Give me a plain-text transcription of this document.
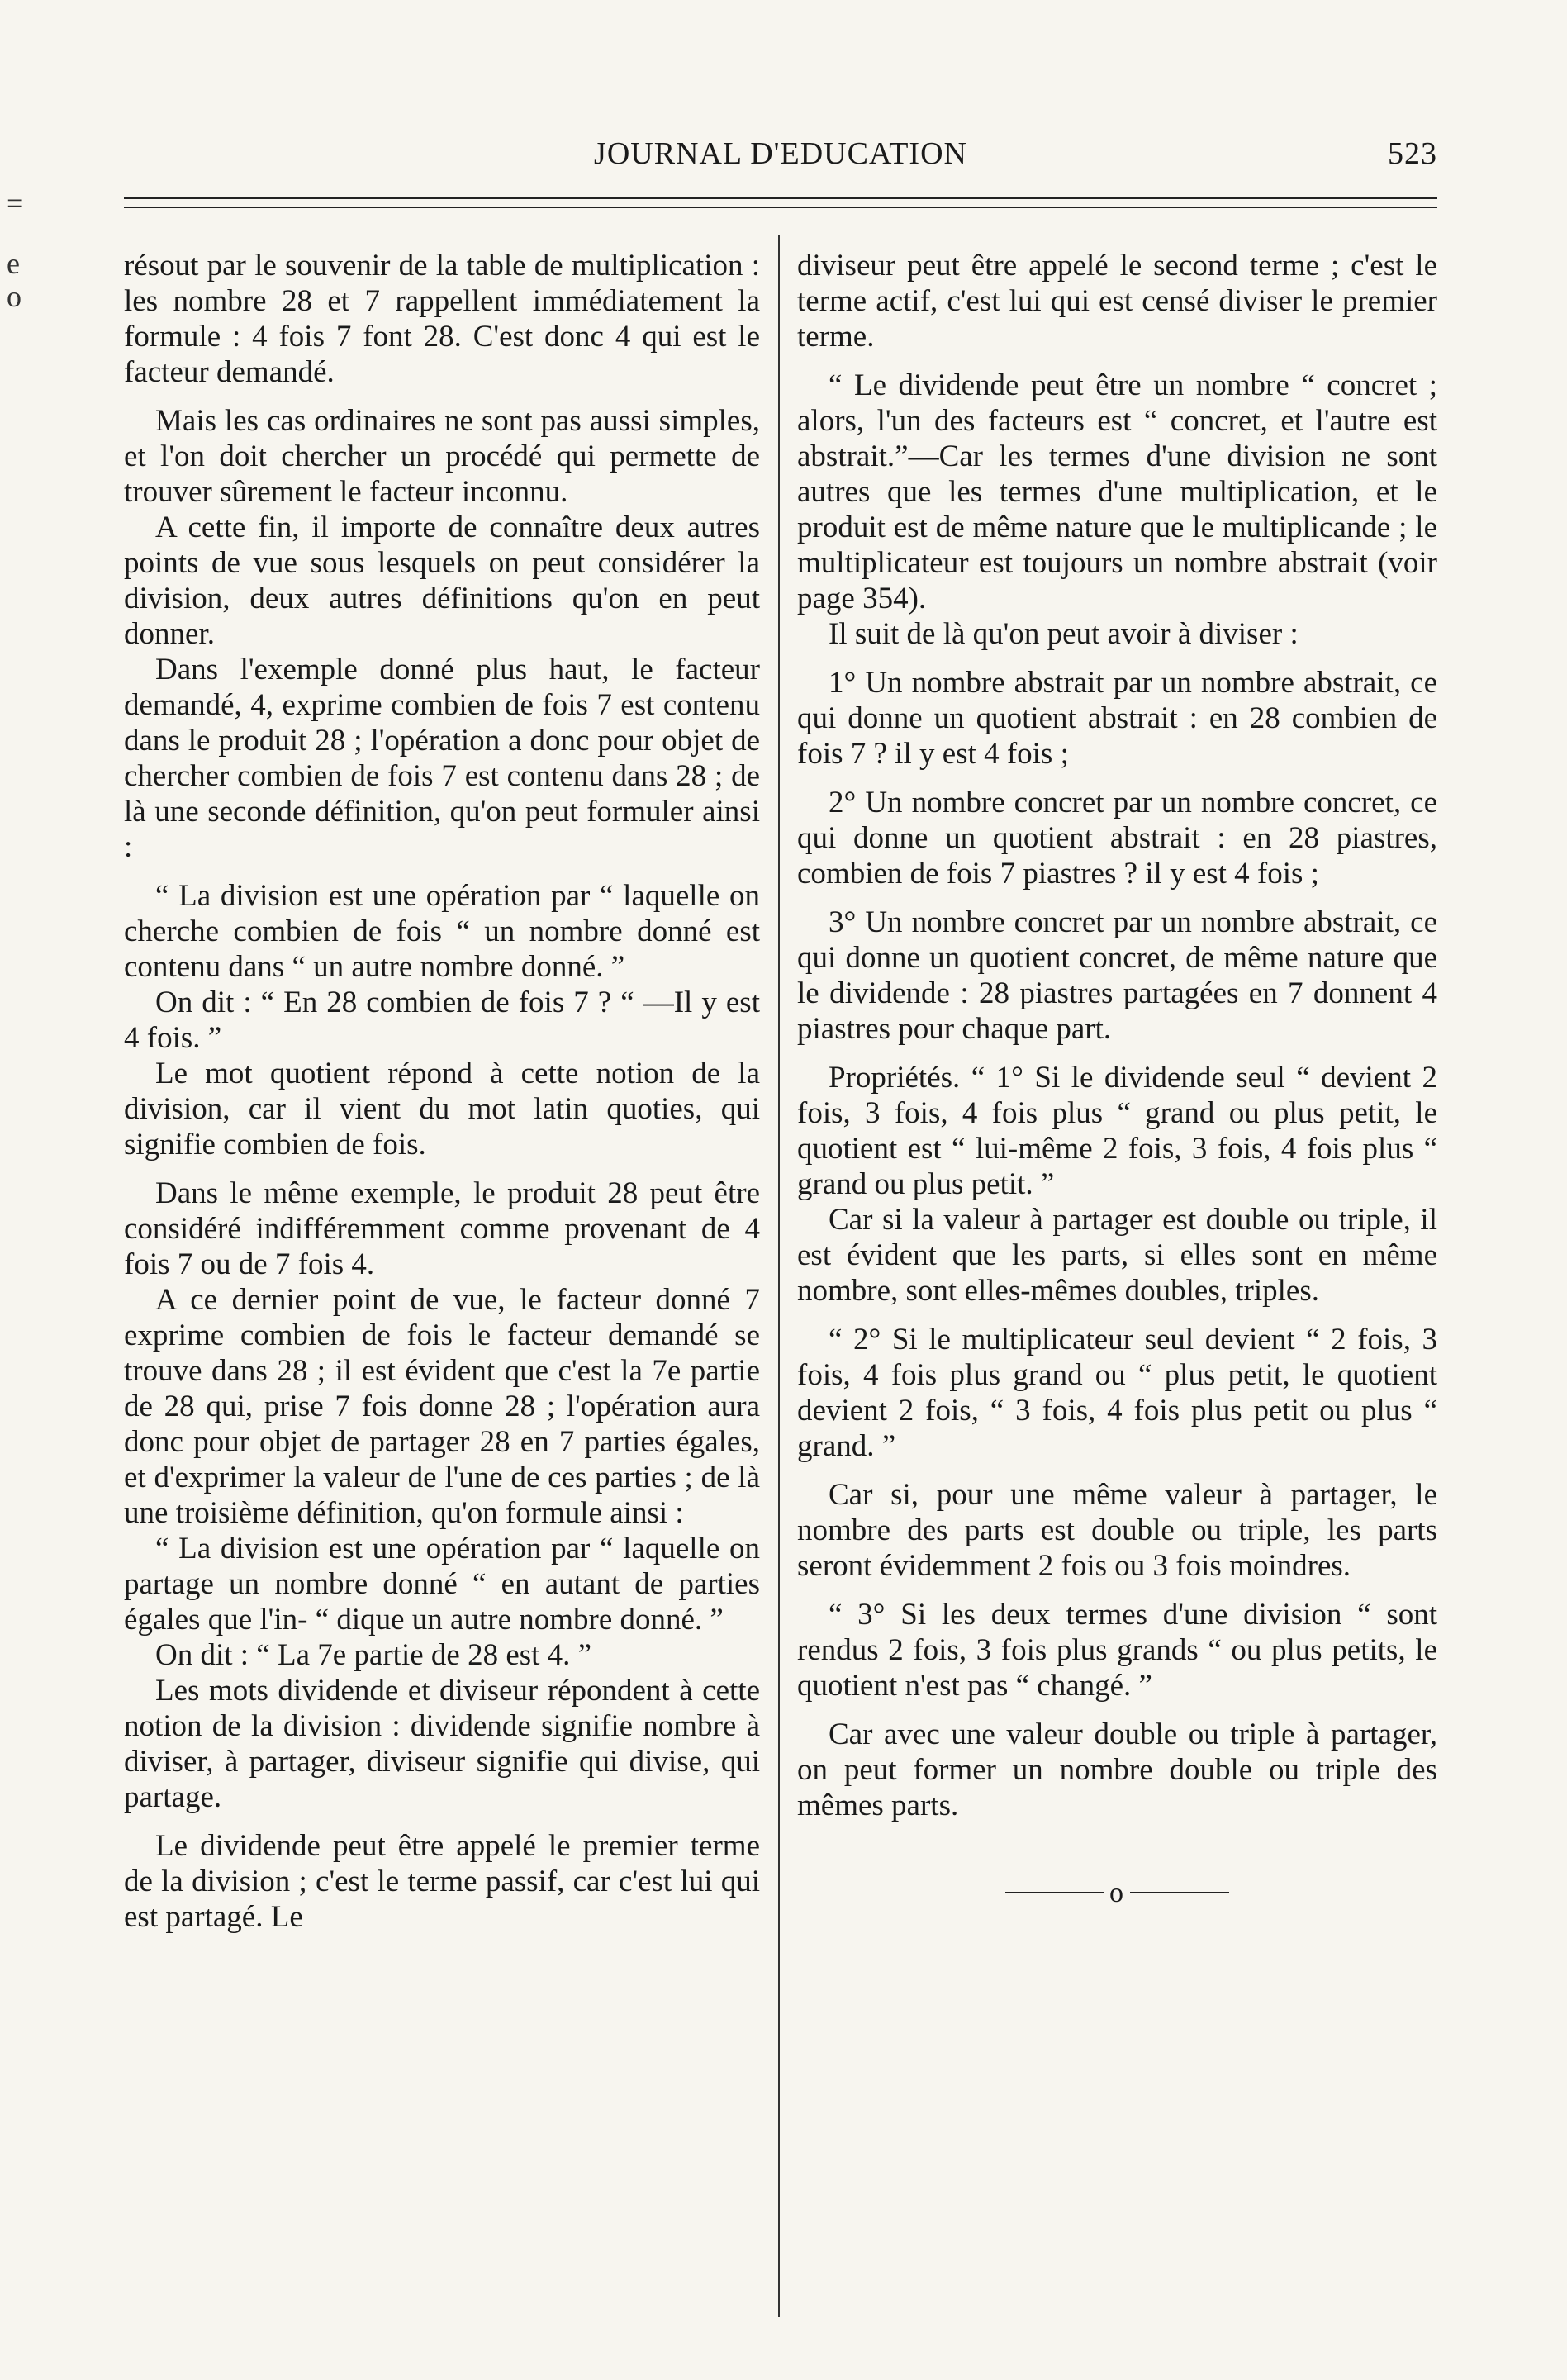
JOURNAL D'EDUCATION	523
=
e
o

résout par le souvenir de la table de multiplication : les nombre 28 et 7 rappellent immédiatement la formule : 4 fois 7 font 28. C'est donc 4 qui est le facteur demandé.

Mais les cas ordinaires ne sont pas aussi simples, et l'on doit chercher un procédé qui permette de trouver sûrement le facteur inconnu.

A cette fin, il importe de connaître deux autres points de vue sous lesquels on peut considérer la division, deux autres définitions qu'on en peut donner.

Dans l'exemple donné plus haut, le facteur demandé, 4, exprime combien de fois 7 est contenu dans le produit 28 ; l'opération a donc pour objet de chercher combien de fois 7 est contenu dans 28 ; de là une seconde définition, qu'on peut formuler ainsi :

“ La division est une opération par “ laquelle on cherche combien de fois “ un nombre donné est contenu dans “ un autre nombre donné. ”

On dit : “ En 28 combien de fois 7 ? “ —Il y est 4 fois. ”

Le mot quotient répond à cette notion de la division, car il vient du mot latin quoties, qui signifie combien de fois.

Dans le même exemple, le produit 28 peut être considéré indifféremment comme provenant de 4 fois 7 ou de 7 fois 4.

A ce dernier point de vue, le facteur donné 7 exprime combien de fois le facteur demandé se trouve dans 28 ; il est évident que c'est la 7e partie de 28 qui, prise 7 fois donne 28 ; l'opération aura donc pour objet de partager 28 en 7 parties égales, et d'exprimer la valeur de l'une de ces parties ; de là une troisième définition, qu'on formule ainsi :

“ La division est une opération par “ laquelle on partage un nombre donné “ en autant de parties égales que l'in- “ dique un autre nombre donné. ”

On dit : “ La 7e partie de 28 est 4. ”

Les mots dividende et diviseur répondent à cette notion de la division : dividende signifie nombre à diviser, à partager, diviseur signifie qui divise, qui partage.

Le dividende peut être appelé le premier terme de la division ; c'est le terme passif, car c'est lui qui est partagé. Le

diviseur peut être appelé le second terme ; c'est le terme actif, c'est lui qui est censé diviser le premier terme.

“ Le dividende peut être un nombre “ concret ; alors, l'un des facteurs est “ concret, et l'autre est abstrait.”—Car les termes d'une division ne sont autres que les termes d'une multiplication, et le produit est de même nature que le multiplicande ; le multiplicateur est toujours un nombre abstrait (voir page 354).

Il suit de là qu'on peut avoir à diviser :

1° Un nombre abstrait par un nombre abstrait, ce qui donne un quotient abstrait : en 28 combien de fois 7 ? il y est 4 fois ;

2° Un nombre concret par un nombre concret, ce qui donne un quotient abstrait : en 28 piastres, combien de fois 7 piastres ? il y est 4 fois ;

3° Un nombre concret par un nombre abstrait, ce qui donne un quotient concret, de même nature que le dividende : 28 piastres partagées en 7 donnent 4 piastres pour chaque part.

Propriétés. “ 1° Si le dividende seul “ devient 2 fois, 3 fois, 4 fois plus “ grand ou plus petit, le quotient est “ lui-même 2 fois, 3 fois, 4 fois plus “ grand ou plus petit. ”

Car si la valeur à partager est double ou triple, il est évident que les parts, si elles sont en même nombre, sont elles-mêmes doubles, triples.

“ 2° Si le multiplicateur seul devient “ 2 fois, 3 fois, 4 fois plus grand ou “ plus petit, le quotient devient 2 fois, “ 3 fois, 4 fois plus petit ou plus “ grand. ”

Car si, pour une même valeur à partager, le nombre des parts est double ou triple, les parts seront évidemment 2 fois ou 3 fois moindres.

“ 3° Si les deux termes d'une division “ sont rendus 2 fois, 3 fois plus grands “ ou plus petits, le quotient n'est pas “ changé. ”

Car avec une valeur double ou triple à partager, on peut former un nombre double ou triple des mêmes parts.

o
